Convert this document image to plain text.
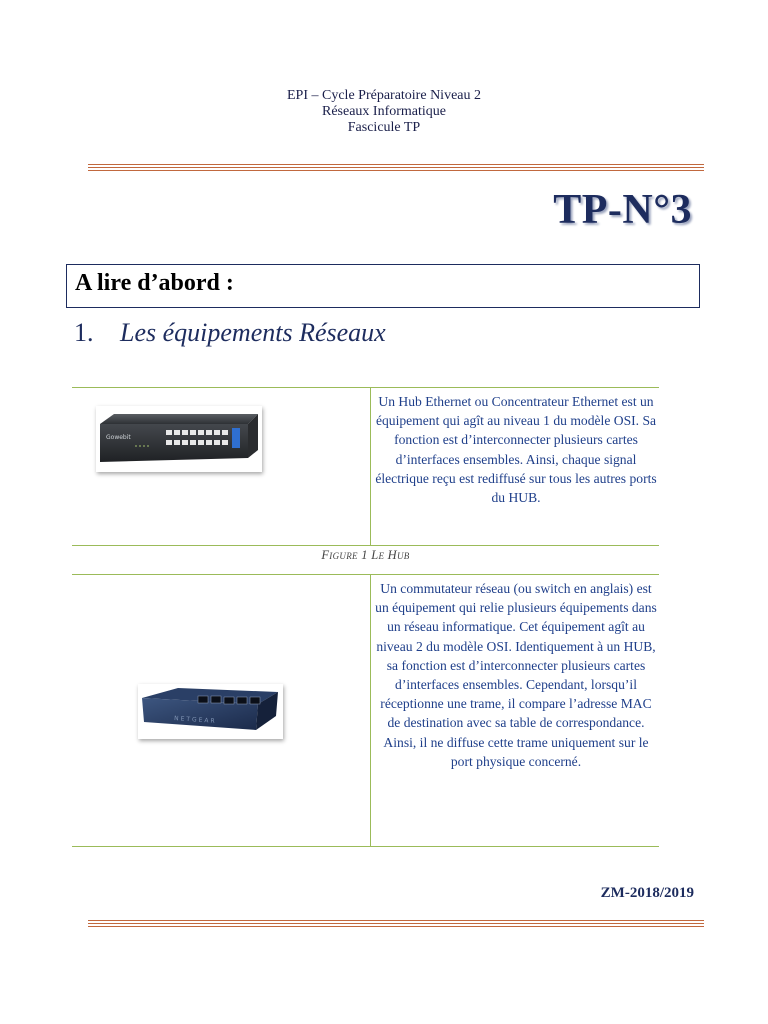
EPI – Cycle Préparatoire Niveau 2
Réseaux Informatique
Fascicule TP
TP-N°3
A lire d’abord :
1. Les équipements Réseaux
Gowebit
Un Hub Ethernet ou Concentrateur Ethernet est un équipement qui agît au niveau 1 du modèle OSI. Sa fonction est d’interconnecter plusieurs cartes d’interfaces ensembles. Ainsi, chaque signal électrique reçu est rediffusé sur tous les autres ports du HUB.
Figure 1 Le Hub
NETGEAR
Un commutateur réseau (ou switch en anglais) est un équipement qui relie plusieurs équipements dans un réseau informatique. Cet équipement agît au niveau 2 du modèle OSI. Identiquement à un HUB, sa fonction est d’interconnecter plusieurs cartes d’interfaces ensembles. Cependant, lorsqu’il réceptionne une trame, il compare l’adresse MAC de destination avec sa table de correspondance. Ainsi, il ne diffuse cette trame uniquement sur le port physique concerné.
ZM-2018/2019
